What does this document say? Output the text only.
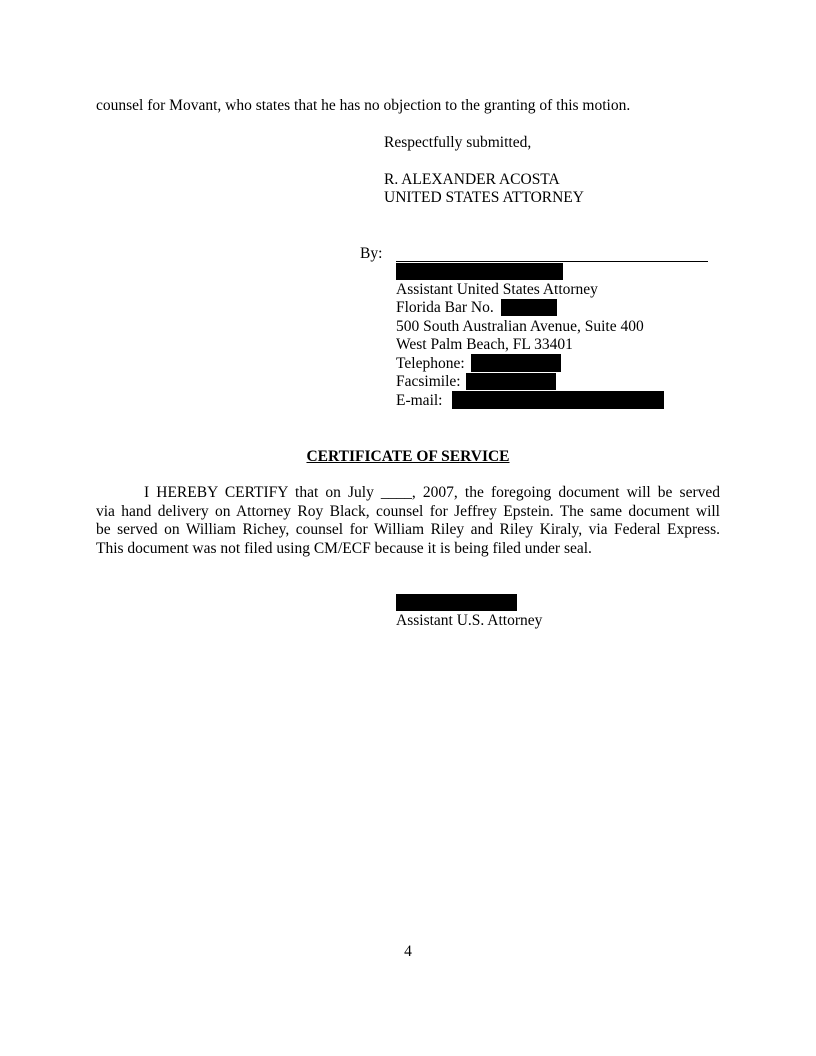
counsel for Movant, who states that he has no objection to the granting of this motion.
Respectfully submitted,
R. ALEXANDER ACOSTA
UNITED STATES ATTORNEY
By:
Assistant United States Attorney
Florida Bar No.
500 South Australian Avenue, Suite 400
West Palm Beach, FL 33401
Telephone:
Facsimile:
E-mail:
CERTIFICATE OF SERVICE
I HEREBY CERTIFY that on July ____, 2007, the foregoing document will be served
via hand delivery on Attorney Roy Black, counsel for Jeffrey Epstein. The same document will
be served on William Richey, counsel for William Riley and Riley Kiraly, via Federal Express.
This document was not filed using CM/ECF because it is being filed under seal.
Assistant U.S. Attorney
4
